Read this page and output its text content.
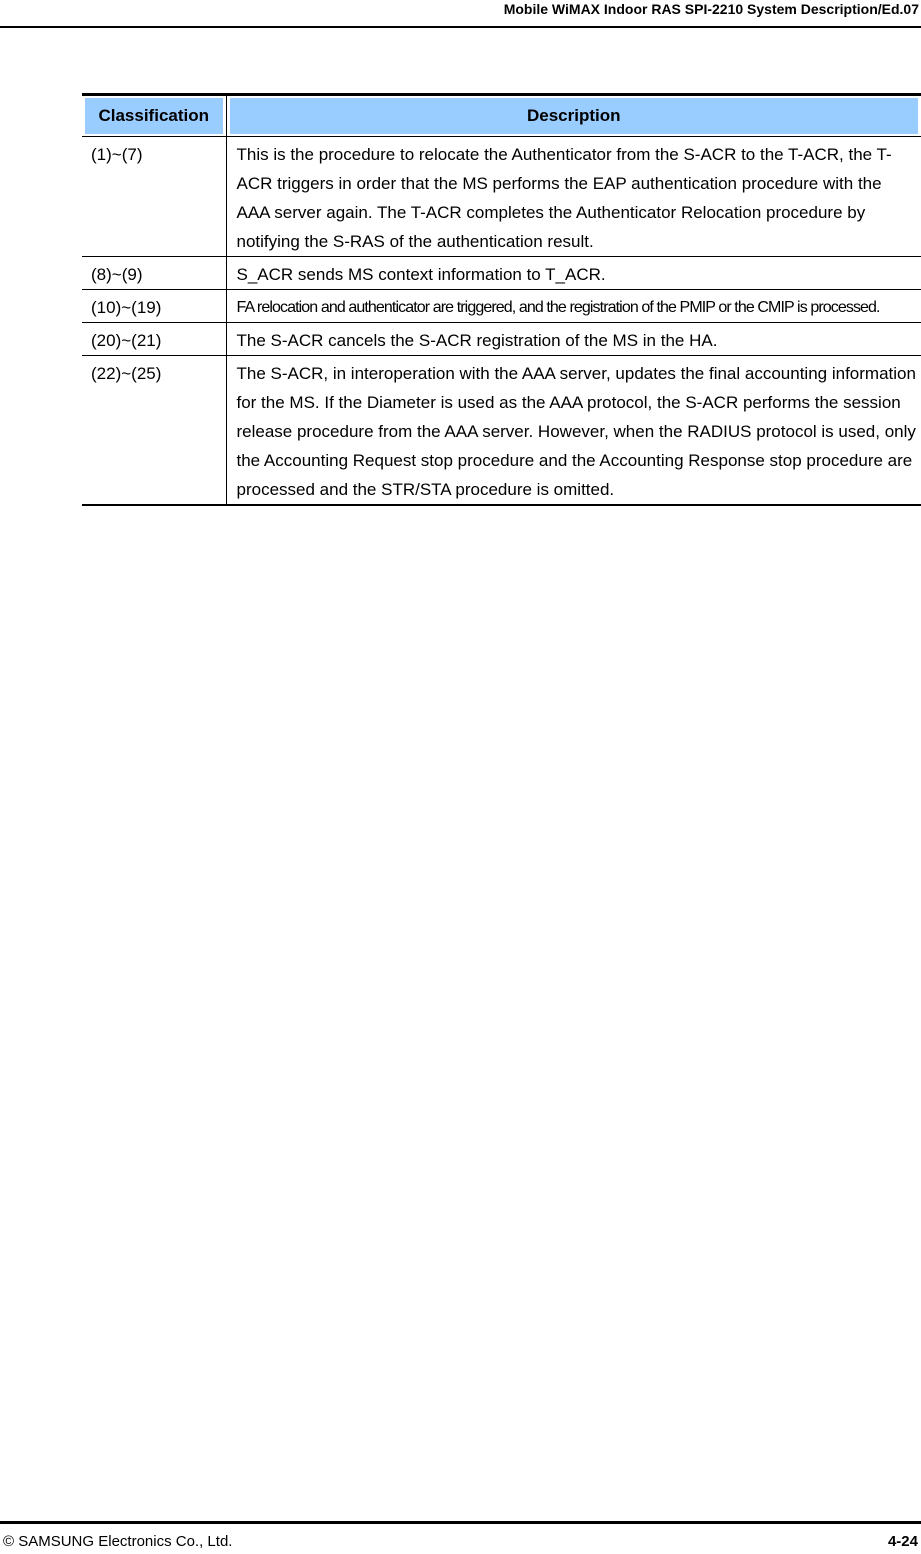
Mobile WiMAX Indoor RAS SPI-2210 System Description/Ed.07
Classification	Description
(1)~(7)	This is the procedure to relocate the Authenticator from the S-ACR to the T-ACR, the T-ACR triggers in order that the MS performs the EAP authentication procedure with the AAA server again. The T-ACR completes the Authenticator Relocation procedure by notifying the S-RAS of the authentication result.
(8)~(9)	S_ACR sends MS context information to T_ACR.
(10)~(19)	FA relocation and authenticator are triggered, and the registration of the PMIP or the CMIP is processed.
(20)~(21)	The S-ACR cancels the S-ACR registration of the MS in the HA.
(22)~(25)	The S-ACR, in interoperation with the AAA server, updates the final accounting information for the MS. If the Diameter is used as the AAA protocol, the S-ACR performs the session release procedure from the AAA server. However, when the RADIUS protocol is used, only the Accounting Request stop procedure and the Accounting Response stop procedure are processed and the STR/STA procedure is omitted.
© SAMSUNG Electronics Co., Ltd.	4-24
